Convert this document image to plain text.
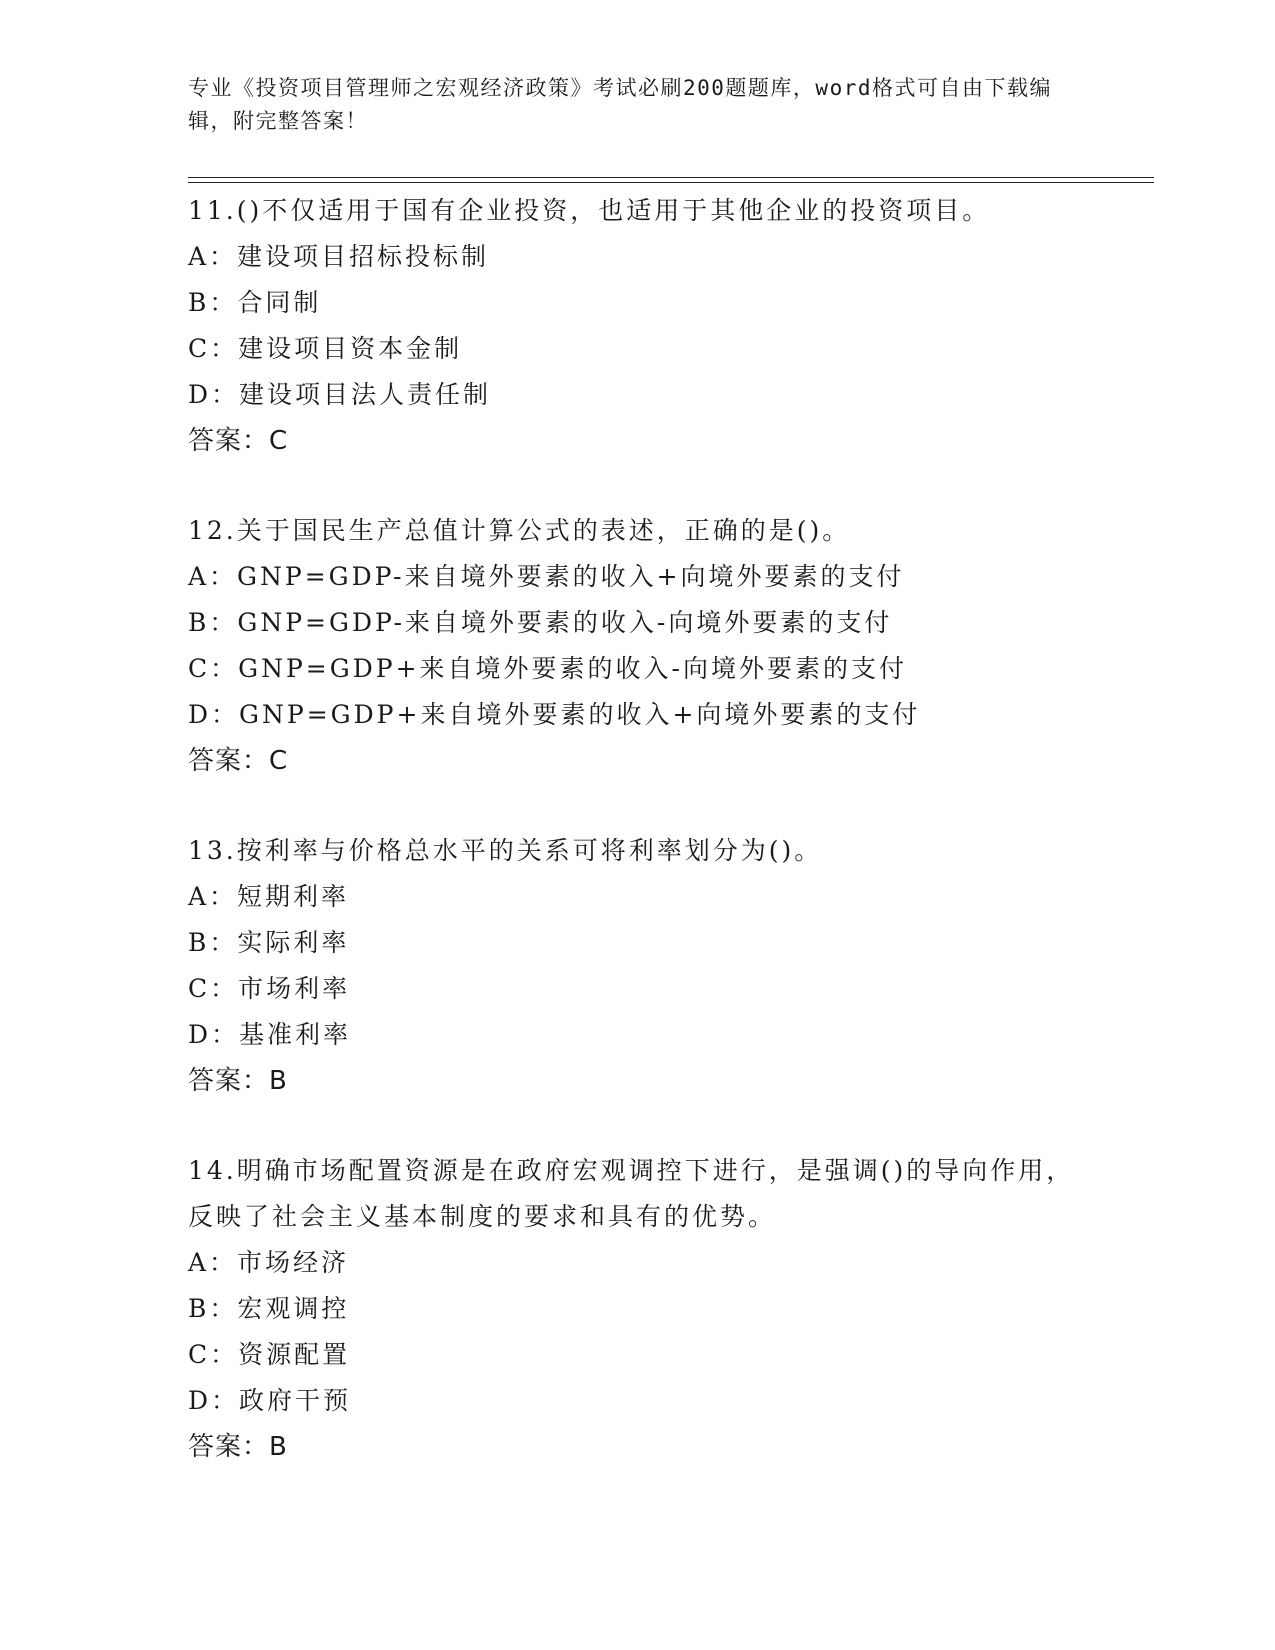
专业《投资项目管理师之宏观经济政策》考试必刷200题题库，word格式可自由下载编辑，附完整答案！
11.()不仅适用于国有企业投资，也适用于其他企业的投资项目。
A：建设项目招标投标制
B：合同制
C：建设项目资本金制
D：建设项目法人责任制
答案：C
12.关于国民生产总值计算公式的表述，正确的是()。
A：GNP=GDP-来自境外要素的收入+向境外要素的支付
B：GNP=GDP-来自境外要素的收入-向境外要素的支付
C：GNP=GDP+来自境外要素的收入-向境外要素的支付
D：GNP=GDP+来自境外要素的收入+向境外要素的支付
答案：C
13.按利率与价格总水平的关系可将利率划分为()。
A：短期利率
B：实际利率
C：市场利率
D：基准利率
答案：B
14.明确市场配置资源是在政府宏观调控下进行，是强调()的导向作用，反映了社会主义基本制度的要求和具有的优势。
A：市场经济
B：宏观调控
C：资源配置
D：政府干预
答案：B
